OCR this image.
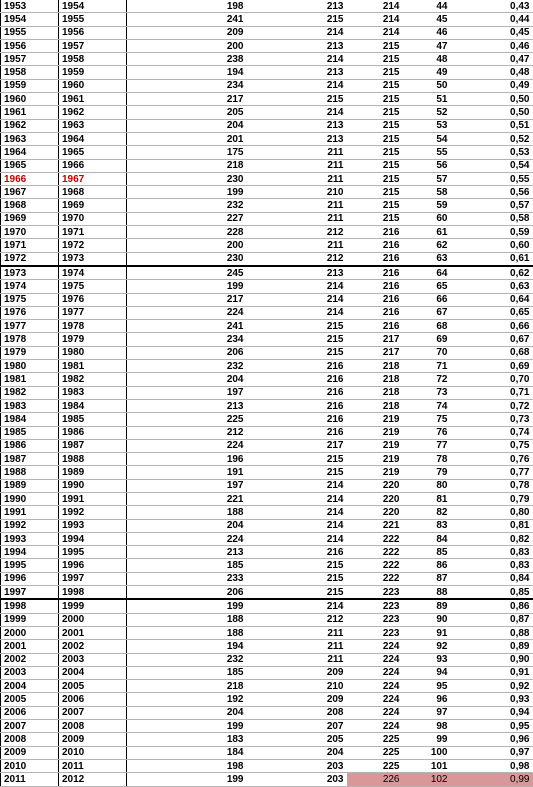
1953	1954	198	213	214	44	0,43
1954	1955	241	215	214	45	0,44
1955	1956	209	214	214	46	0,45
1956	1957	200	213	215	47	0,46
1957	1958	238	214	215	48	0,47
1958	1959	194	213	215	49	0,48
1959	1960	234	214	215	50	0,49
1960	1961	217	215	215	51	0,50
1961	1962	205	214	215	52	0,50
1962	1963	204	213	215	53	0,51
1963	1964	201	213	215	54	0,52
1964	1965	175	211	215	55	0,53
1965	1966	218	211	215	56	0,54
1966	1967	230	211	215	57	0,55
1967	1968	199	210	215	58	0,56
1968	1969	232	211	215	59	0,57
1969	1970	227	211	215	60	0,58
1970	1971	228	212	216	61	0,59
1971	1972	200	211	216	62	0,60
1972	1973	230	212	216	63	0,61
1973	1974	245	213	216	64	0,62
1974	1975	199	214	216	65	0,63
1975	1976	217	214	216	66	0,64
1976	1977	224	214	216	67	0,65
1977	1978	241	215	216	68	0,66
1978	1979	234	215	217	69	0,67
1979	1980	206	215	217	70	0,68
1980	1981	232	216	218	71	0,69
1981	1982	204	216	218	72	0,70
1982	1983	197	216	218	73	0,71
1983	1984	213	216	218	74	0,72
1984	1985	225	216	219	75	0,73
1985	1986	212	216	219	76	0,74
1986	1987	224	217	219	77	0,75
1987	1988	196	215	219	78	0,76
1988	1989	191	215	219	79	0,77
1989	1990	197	214	220	80	0,78
1990	1991	221	214	220	81	0,79
1991	1992	188	214	220	82	0,80
1992	1993	204	214	221	83	0,81
1993	1994	224	214	222	84	0,82
1994	1995	213	216	222	85	0,83
1995	1996	185	215	222	86	0,83
1996	1997	233	215	222	87	0,84
1997	1998	206	215	223	88	0,85
1998	1999	199	214	223	89	0,86
1999	2000	188	212	223	90	0,87
2000	2001	188	211	223	91	0,88
2001	2002	194	211	224	92	0,89
2002	2003	232	211	224	93	0,90
2003	2004	185	209	224	94	0,91
2004	2005	218	210	224	95	0,92
2005	2006	192	209	224	96	0,93
2006	2007	204	208	224	97	0,94
2007	2008	199	207	224	98	0,95
2008	2009	183	205	225	99	0,96
2009	2010	184	204	225	100	0,97
2010	2011	198	203	225	101	0,98
2011	2012	199	203	226	102	0,99
